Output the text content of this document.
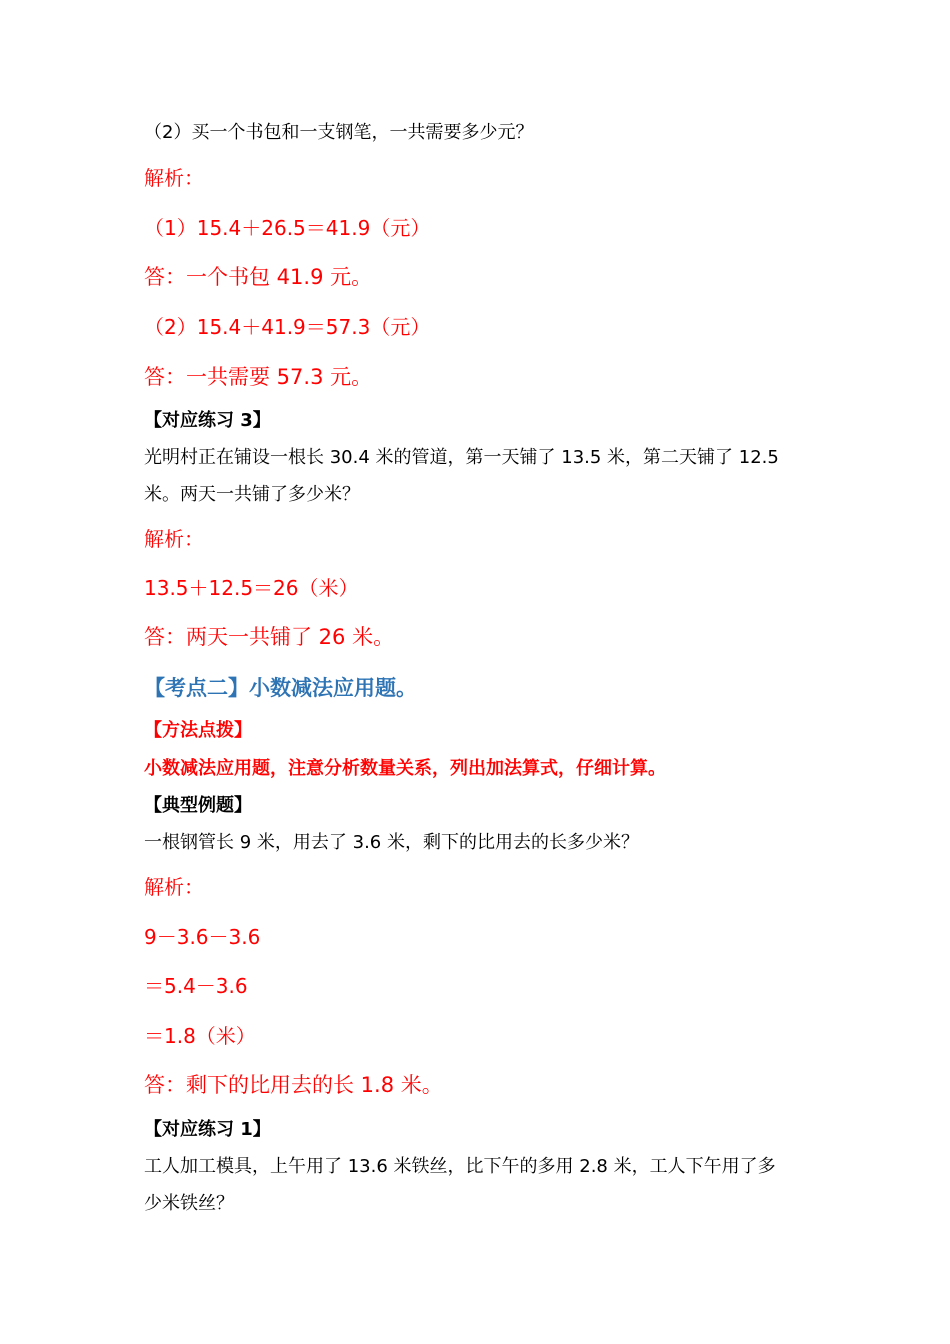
（2）买一个书包和一支钢笔，一共需要多少元？
解析：
（1）15.4＋26.5＝41.9（元）
答：一个书包 41.9 元。
（2）15.4＋41.9＝57.3（元）
答：一共需要 57.3 元。
【对应练习 3】
光明村正在铺设一根长 30.4 米的管道，第一天铺了 13.5 米，第二天铺了 12.5
米。两天一共铺了多少米？
解析：
13.5＋12.5＝26（米）
答：两天一共铺了 26 米。
【考点二】小数减法应用题。
【方法点拨】
小数减法应用题，注意分析数量关系，列出加法算式，仔细计算。
【典型例题】
一根钢管长 9 米，用去了 3.6 米，剩下的比用去的长多少米？
解析：
9－3.6－3.6
＝5.4－3.6
＝1.8（米）
答：剩下的比用去的长 1.8 米。
【对应练习 1】
工人加工模具，上午用了 13.6 米铁丝，比下午的多用 2.8 米，工人下午用了多
少米铁丝？
